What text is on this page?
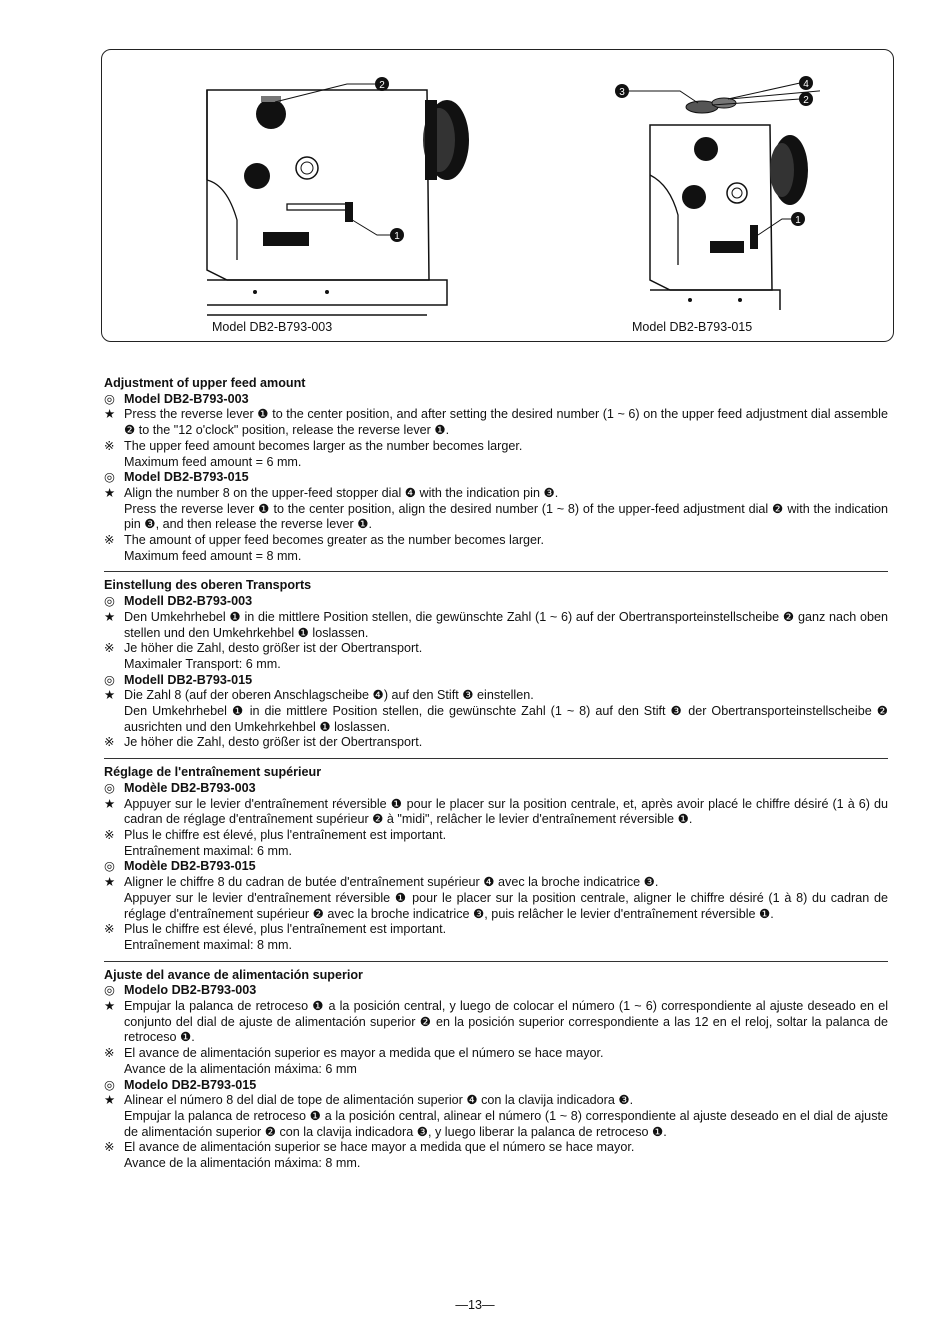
2
1
3
4
2
1
Model DB2-B793-003	Model DB2-B793-015
Adjustment of upper feed amount
◎ Model DB2-B793-003
★ Press the reverse lever ❶ to the center position, and after setting the desired number (1 ~ 6) on the upper feed adjustment dial assemble ❷ to the "12 o'clock" position, release the reverse lever ❶.
※ The upper feed amount becomes larger as the number becomes larger.
Maximum feed amount = 6 mm.
◎ Model DB2-B793-015
★ Align the number 8 on the upper-feed stopper dial ❹ with the indication pin ❸.
Press the reverse lever ❶ to the center position, align the desired number (1 ~ 8) of the upper-feed adjustment dial ❷ with the indication pin ❸, and then release the reverse lever ❶.
※ The amount of upper feed becomes greater as the number becomes larger.
Maximum feed amount = 8 mm.
Einstellung des oberen Transports
◎ Modell DB2-B793-003
★ Den Umkehrhebel ❶ in die mittlere Position stellen, die gewünschte Zahl (1 ~ 6) auf der Obertransporteinstellscheibe ❷ ganz nach oben stellen und den Umkehrkehbel ❶ loslassen.
※ Je höher die Zahl, desto größer ist der Obertransport.
Maximaler Transport: 6 mm.
◎ Modell DB2-B793-015
★ Die Zahl 8 (auf der oberen Anschlagscheibe ❹) auf den Stift ❸ einstellen.
Den Umkehrhebel ❶ in die mittlere Position stellen, die gewünschte Zahl (1 ~ 8) auf den Stift ❸ der Obertransporteinstellscheibe ❷ ausrichten und den Umkehrkehbel ❶ loslassen.
※ Je höher die Zahl, desto größer ist der Obertransport.
Réglage de l'entraînement supérieur
◎ Modèle DB2-B793-003
★ Appuyer sur le levier d'entraînement réversible ❶ pour le placer sur la position centrale, et, après avoir placé le chiffre désiré (1 à 6) du cadran de réglage d'entraînement supérieur ❷ à "midi", relâcher le levier d'entraînement réversible ❶.
※ Plus le chiffre est élevé, plus l'entraînement est important.
Entraînement maximal: 6 mm.
◎ Modèle DB2-B793-015
★ Aligner le chiffre 8 du cadran de butée d'entraînement supérieur ❹ avec la broche indicatrice ❸.
Appuyer sur le levier d'entraînement réversible ❶ pour le placer sur la position centrale, aligner le chiffre désiré (1 à 8) du cadran de réglage d'entraînement supérieur ❷ avec la broche indicatrice ❸, puis relâcher le levier d'entraînement réversible ❶.
※ Plus le chiffre est élevé, plus l'entraînement est important.
Entraînement maximal: 8 mm.
Ajuste del avance de alimentación superior
◎ Modelo DB2-B793-003
★ Empujar la palanca de retroceso ❶ a la posición central, y luego de colocar el número (1 ~ 6) correspondiente al ajuste deseado en el conjunto del dial de ajuste de alimentación superior ❷ en la posición superior correspondiente a las 12 en el reloj, soltar la palanca de retroceso ❶.
※ El avance de alimentación superior es mayor a medida que el número se hace mayor.
Avance de la alimentación máxima: 6 mm
◎ Modelo DB2-B793-015
★ Alinear el número 8 del dial de tope de alimentación superior ❹ con la clavija indicadora ❸.
Empujar la palanca de retroceso ❶ a la posición central, alinear el número (1 ~ 8) correspondiente al ajuste deseado en el dial de ajuste de alimentación superior ❷ con la clavija indicadora ❸, y luego liberar la palanca de retroceso ❶.
※ El avance de alimentación superior se hace mayor a medida que el número se hace mayor.
Avance de la alimentación máxima: 8 mm.
—13—
